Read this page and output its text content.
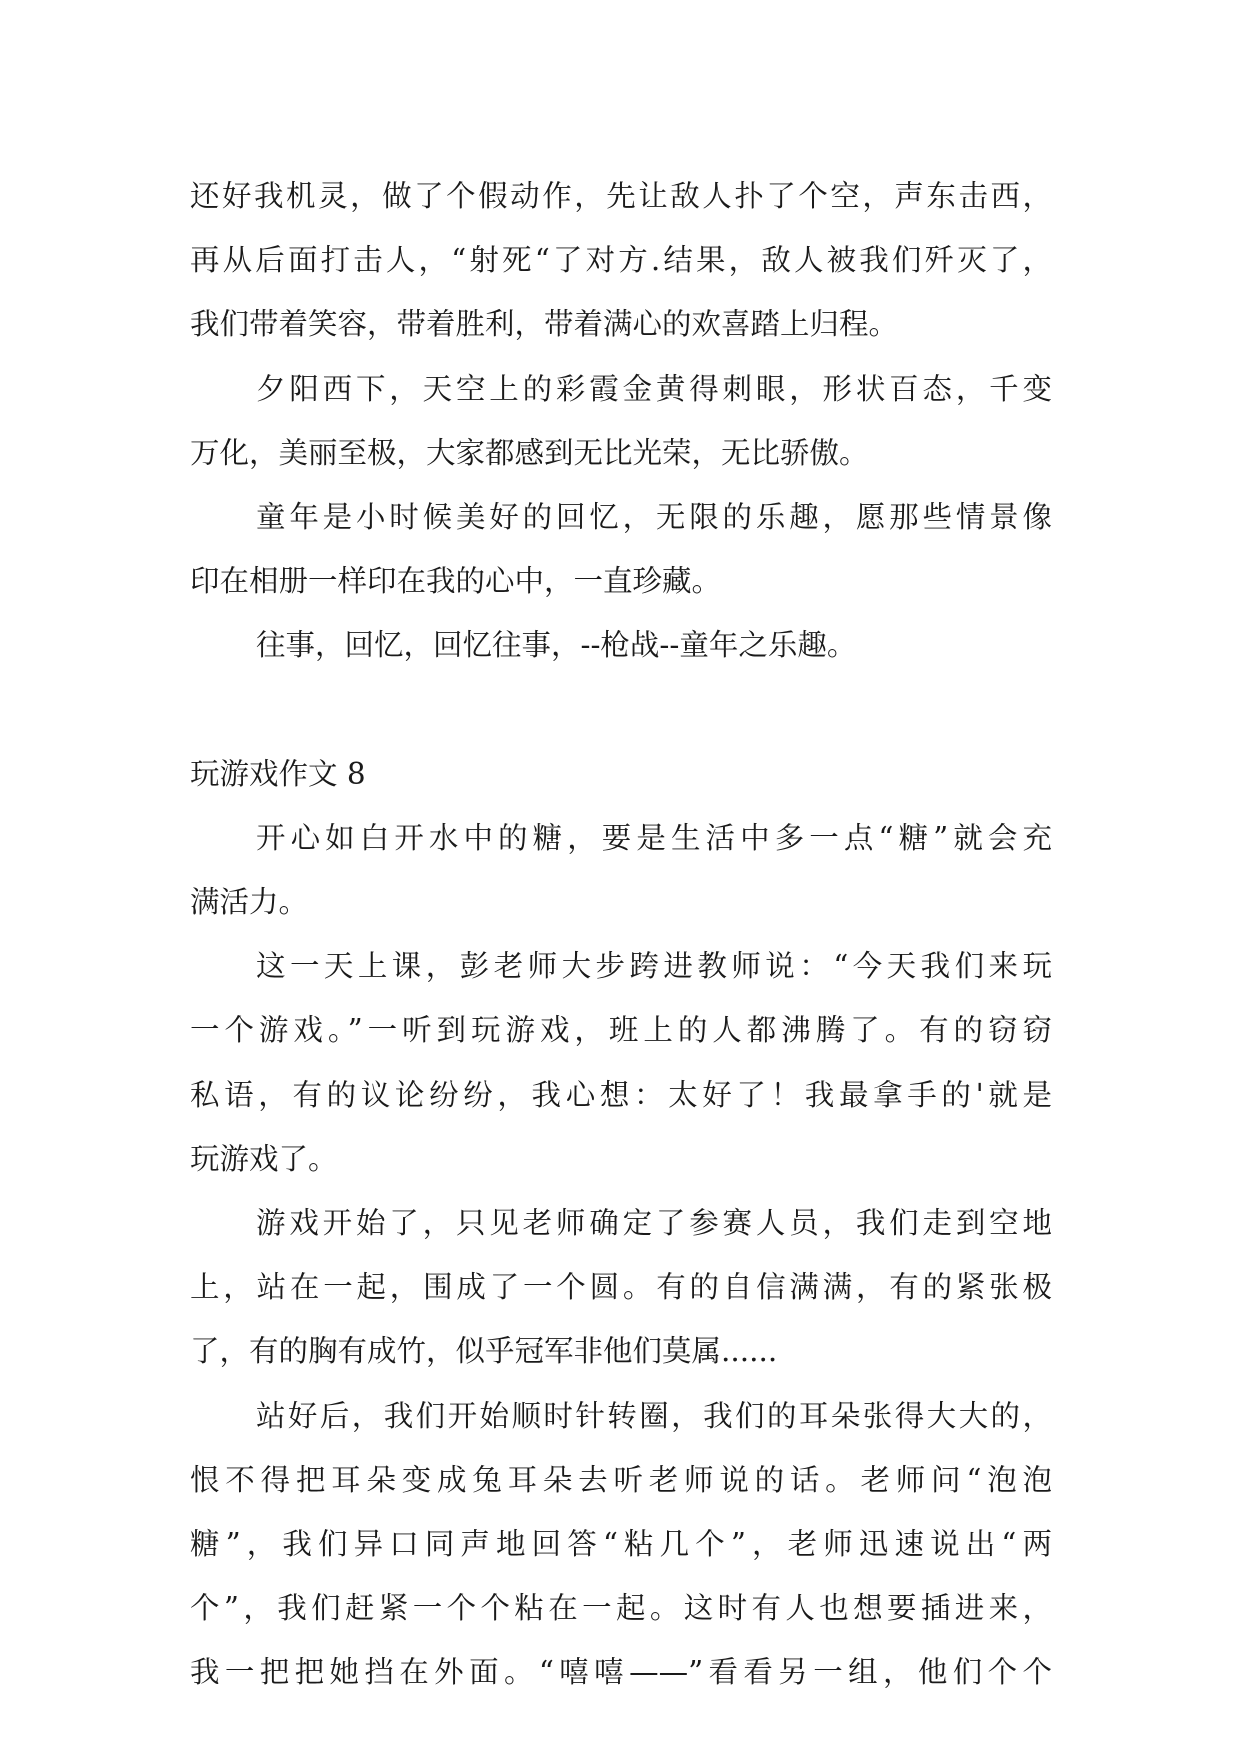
还好我机灵，做了个假动作，先让敌人扑了个空，声东击西，
再从后面打击人，“射死“了对方.结果，敌人被我们歼灭了，
我们带着笑容，带着胜利，带着满心的欢喜踏上归程。
夕阳西下，天空上的彩霞金黄得刺眼，形状百态，千变
万化，美丽至极，大家都感到无比光荣，无比骄傲。
童年是小时候美好的回忆，无限的乐趣，愿那些情景像
印在相册一样印在我的心中，一直珍藏。
往事，回忆，回忆往事，--枪战--童年之乐趣。
玩游戏作文 8
开心如白开水中的糖，要是生活中多一点“糖”就会充
满活力。
这一天上课，彭老师大步跨进教师说：“今天我们来玩
一个游戏。”一听到玩游戏，班上的人都沸腾了。有的窃窃
私语，有的议论纷纷，我心想：太好了！我最拿手的'就是
玩游戏了。
游戏开始了，只见老师确定了参赛人员，我们走到空地
上，站在一起，围成了一个圆。有的自信满满，有的紧张极
了，有的胸有成竹，似乎冠军非他们莫属......
站好后，我们开始顺时针转圈，我们的耳朵张得大大的，
恨不得把耳朵变成兔耳朵去听老师说的话。老师问“泡泡
糖”，我们异口同声地回答“粘几个”，老师迅速说出“两
个”，我们赶紧一个个粘在一起。这时有人也想要插进来，
我一把把她挡在外面。“嘻嘻——”看看另一组，他们个个
